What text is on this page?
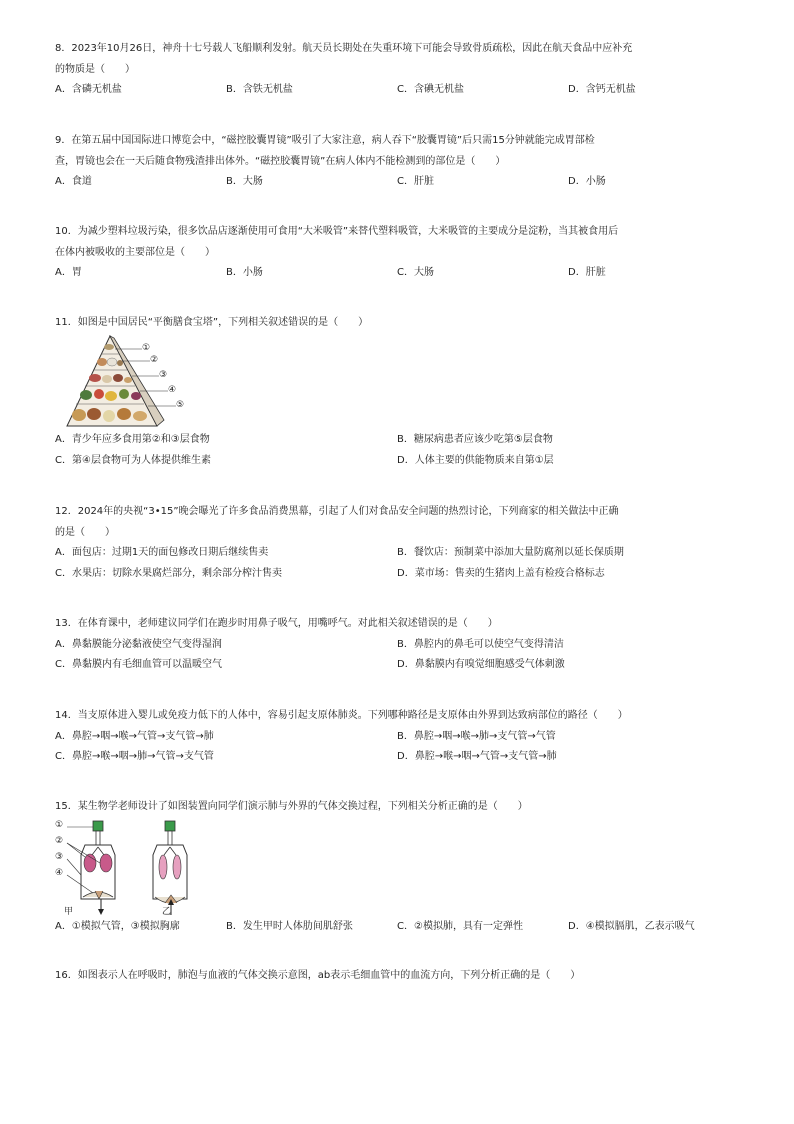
8．2023年10月26日，神舟十七号载人飞船顺利发射。航天员长期处在失重环境下可能会导致骨质疏松，因此在航天食品中应补充

的物质是（　　）

A．含磷无机盐	B．含铁无机盐	C．含碘无机盐	D．含钙无机盐

9．在第五届中国国际进口博览会中，“磁控胶囊胃镜”吸引了大家注意，病人吞下“胶囊胃镜”后只需15分钟就能完成胃部检

查，胃镜也会在一天后随食物残渣排出体外。“磁控胶囊胃镜”在病人体内不能检测到的部位是（　　）

A．食道	B．大肠	C．肝脏	D．小肠

10．为减少塑料垃圾污染，很多饮品店逐渐使用可食用“大米吸管”来替代塑料吸管，大米吸管的主要成分是淀粉，当其被食用后

在体内被吸收的主要部位是（　　）

A．胃	B．小肠	C．大肠	D．肝脏

11．如图是中国居民“平衡膳食宝塔”，下列相关叙述错误的是（　　）

①
②
③
④
⑤
A．青少年应多食用第②和③层食物	B．糖尿病患者应该少吃第⑤层食物
C．第④层食物可为人体提供维生素	D．人体主要的供能物质来自第①层

12．2024年的央视“3•15”晚会曝光了许多食品消费黑幕，引起了人们对食品安全问题的热烈讨论，下列商家的相关做法中正确

的是（　　）

A．面包店：过期1天的面包修改日期后继续售卖	B．餐饮店：预制菜中添加大量防腐剂以延长保质期
C．水果店：切除水果腐烂部分，剩余部分榨汁售卖	D．菜市场：售卖的生猪肉上盖有检疫合格标志

13．在体育课中，老师建议同学们在跑步时用鼻子吸气，用嘴呼气。对此相关叙述错误的是（　　）

A．鼻黏膜能分泌黏液使空气变得湿润	B．鼻腔内的鼻毛可以使空气变得清洁
C．鼻黏膜内有毛细血管可以温暖空气	D．鼻黏膜内有嗅觉细胞感受气体刺激

14．当支原体进入婴儿或免疫力低下的人体中，容易引起支原体肺炎。下列哪种路径是支原体由外界到达致病部位的路径（　　）

A．鼻腔→咽→喉→气管→支气管→肺	B．鼻腔→咽→喉→肺→支气管→气管
C．鼻腔→喉→咽→肺→气管→支气管	D．鼻腔→喉→咽→气管→支气管→肺

15．某生物学老师设计了如图装置向同学们演示肺与外界的气体交换过程，下列相关分析正确的是（　　）

①
②
③
④
甲	乙
A．①模拟气管，③模拟胸廓	B．发生甲时人体肋间肌舒张	C．②模拟肺，具有一定弹性	D．④模拟膈肌，乙表示吸气

16．如图表示人在呼吸时，肺泡与血液的气体交换示意图，ab表示毛细血管中的血流方向，下列分析正确的是（　　）
